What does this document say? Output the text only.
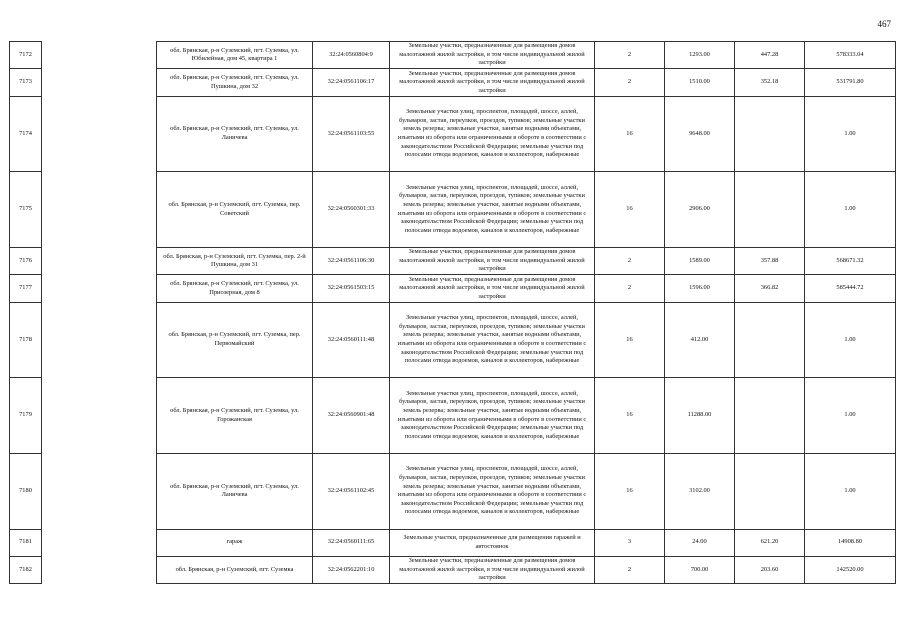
467
7172		обл. Брянская, р-н Суземский, пгт. Суземка, ул. Юбилейная, дом 45, квартира 1	32:24:0560804:9	Земельные участки, предназначенные для размещения домов малоэтажной жилой застройки, в том числе индивидуальной жилой застройки	2	1293.00	447.28	578333.04
7173		обл. Брянская, р-н Суземский, пгт. Суземка, ул. Пушкина, дом 32	32:24:0561106:17	Земельные участки, предназначенные для размещения домов малоэтажной жилой застройки, в том числе индивидуальной жилой застройки	2	1510.00	352.18	531791.80
7174		обл. Брянская, р-н Суземский, пгт. Суземка, ул. Ланичева	32:24:0561103:55	Земельные участки улиц, проспектов, площадей, шоссе, аллей, бульваров, застав, переулков, проездов, тупиков; земельные участки земель резерва; земельные участки, занятые водными объектами, изъятыми из оборота или ограниченными в обороте в соответствии с законодательством Российской Федерации; земельные участки под полосами отвода водоемов, каналов и коллекторов, набережные	16	9648.00		1.00
7175		обл. Брянская, р-н Суземский, пгт. Суземка, пер. Советский	32:24:0560301:33	Земельные участки улиц, проспектов, площадей, шоссе, аллей, бульваров, застав, переулков, проездов, тупиков; земельные участки земель резерва; земельные участки, занятые водными объектами, изъятыми из оборота или ограниченными в обороте в соответствии с законодательством Российской Федерации; земельные участки под полосами отвода водоемов, каналов и коллекторов, набережные	16	2906.00		1.00
7176		обл. Брянская, р-н Суземский, пгт. Суземка, пер. 2-й Пушкина, дом 31	32:24:0561106:30	Земельные участки, предназначенные для размещения домов малоэтажной жилой застройки, в том числе индивидуальной жилой застройки	2	1589.00	357.88	568671.32
7177		обл. Брянская, р-н Суземский, пгт. Суземка, ул. Приозерная, дом 8	32:24:0561503:15	Земельные участки, предназначенные для размещения домов малоэтажной жилой застройки, в том числе индивидуальной жилой застройки	2	1596.00	366.82	585444.72
7178		обл. Брянская, р-н Суземский, пгт. Суземка, пер. Первомайский	32:24:0560111:48	Земельные участки улиц, проспектов, площадей, шоссе, аллей, бульваров, застав, переулков, проездов, тупиков; земельные участки земель резерва; земельные участки, занятые водными объектами, изъятыми из оборота или ограниченными в обороте в соответствии с законодательством Российской Федерации; земельные участки под полосами отвода водоемов, каналов и коллекторов, набережные	16	412.00		1.00
7179		обл. Брянская, р-н Суземский, пгт. Суземка, ул. Горожанская	32:24:0560901:48	Земельные участки улиц, проспектов, площадей, шоссе, аллей, бульваров, застав, переулков, проездов, тупиков; земельные участки земель резерва; земельные участки, занятые водными объектами, изъятыми из оборота или ограниченными в обороте в соответствии с законодательством Российской Федерации; земельные участки под полосами отвода водоемов, каналов и коллекторов, набережные	16	11288.00		1.00
7180		обл. Брянская, р-н Суземский, пгт. Суземка, ул. Ланичева	32:24:0561102:45	Земельные участки улиц, проспектов, площадей, шоссе, аллей, бульваров, застав, переулков, проездов, тупиков; земельные участки земель резерва; земельные участки, занятые водными объектами, изъятыми из оборота или ограниченными в обороте в соответствии с законодательством Российской Федерации; земельные участки под полосами отвода водоемов, каналов и коллекторов, набережные	16	3102.00		1.00
7181		гараж	32:24:0560111:65	Земельные участки, предназначенные для размещения гаражей и автостоянок	3	24.00	621.20	14908.80
7182		обл. Брянская, р-н Суземский, пгт. Суземка	32:24:0562201:10	Земельные участки, предназначенные для размещения домов малоэтажной жилой застройки, в том числе индивидуальной жилой застройки	2	700.00	203.60	142520.00
